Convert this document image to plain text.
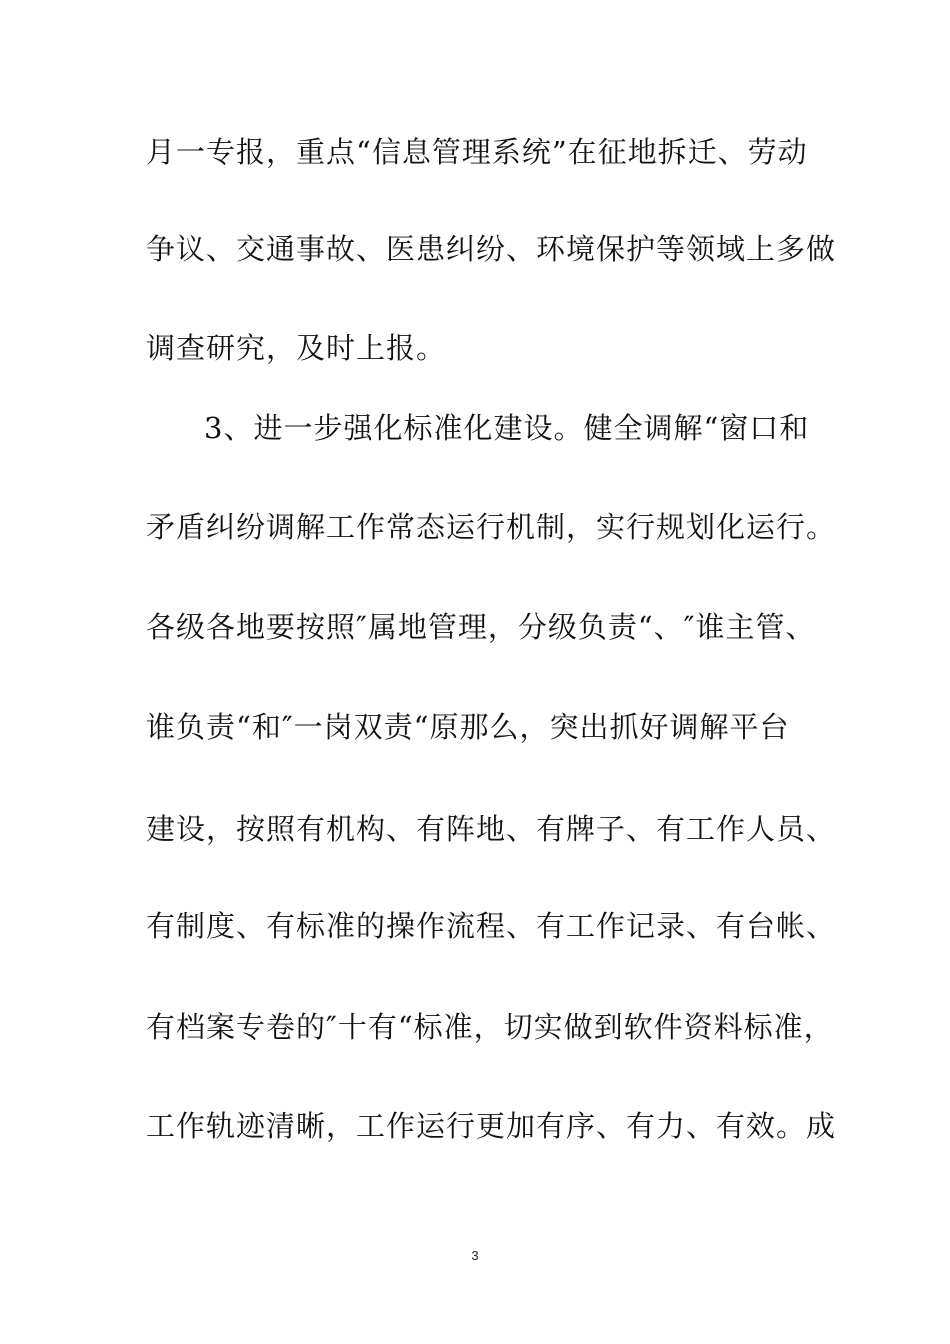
月一专报，重点“信息管理系统”在征地拆迁、劳动
争议、交通事故、医患纠纷、环境保护等领域上多做
调查研究，及时上报。
3、进一步强化标准化建设。健全调解“窗口和
矛盾纠纷调解工作常态运行机制，实行规划化运行。
各级各地要按照″属地管理，分级负责“、″谁主管、
谁负责“和″一岗双责“原那么，突出抓好调解平台
建设，按照有机构、有阵地、有牌子、有工作人员、
有制度、有标准的操作流程、有工作记录、有台帐、
有档案专卷的″十有“标准，切实做到软件资料标准，
工作轨迹清晰，工作运行更加有序、有力、有效。成
3
